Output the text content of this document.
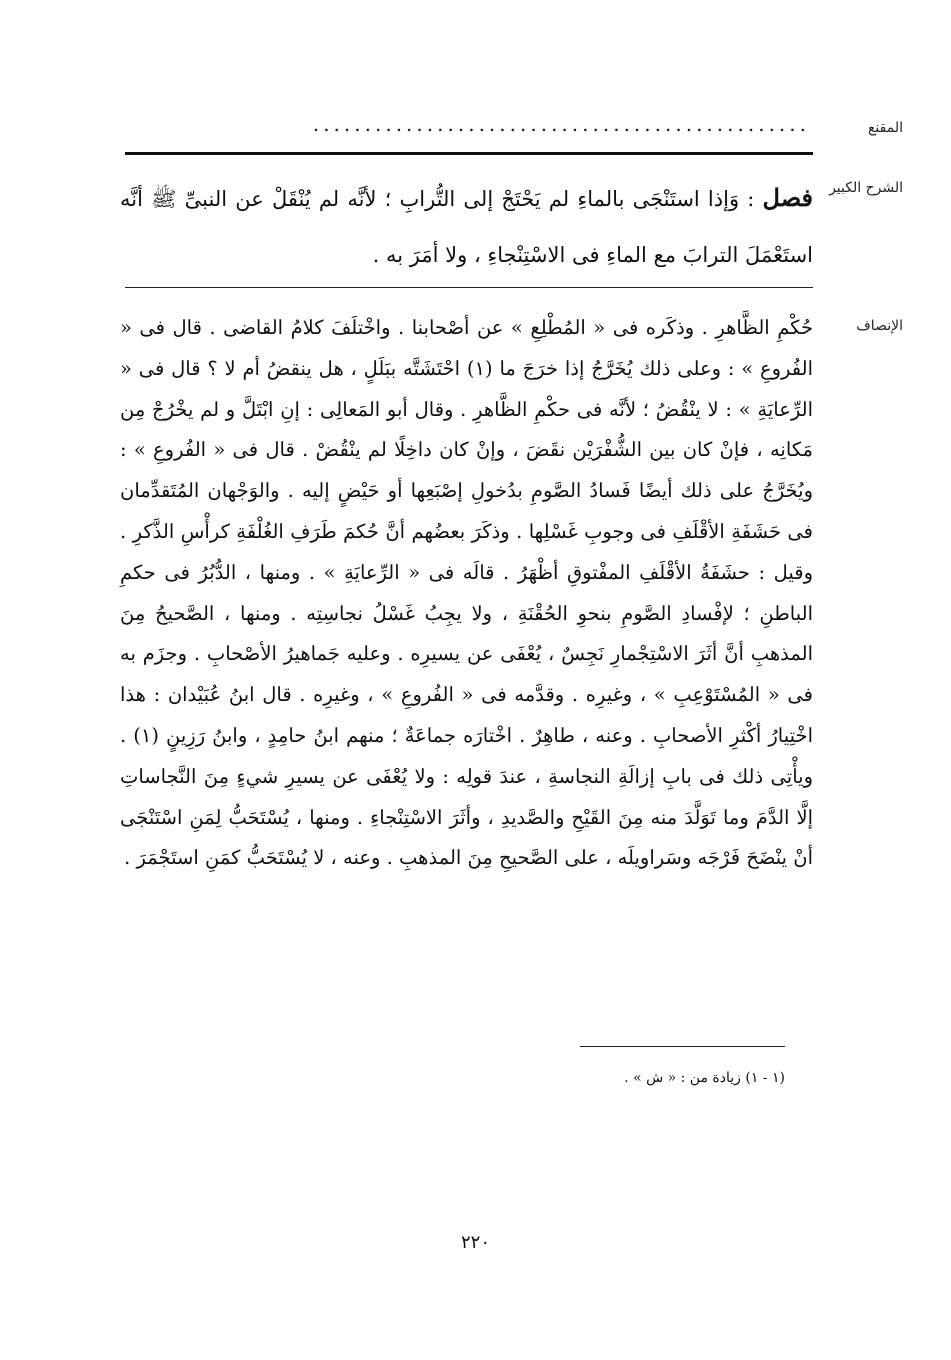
المقنع
................................................
الشرح الكبير
فصل : وَإذا استَنْجَى بالماءِ لم يَحْتَجْ إلى التُّرابِ ؛ لأنَّه لم يُنْقَلْ عن النبىِّ ﷺ أنَّه استَعْمَلَ الترابَ مع الماءِ فى الاسْتِنْجاءِ ، ولا أمَرَ به .
الإنصاف
حُكْمِ الظَّاهرِ . وذكَره فى « المُطْلِعِ » عن أصْحابنا . واخْتلَفَ كلامُ القاضى . قال فى « الفُروعِ » : وعلى ذلك يُخَرَّجُ إذا خرَجَ ما (١) احْتَشَتَّه ببَلَلٍ ، هل ينقضُ أم لا ؟ قال فى « الرِّعايَةِ » : لا ينْقُضُ ؛ لأنَّه فى حكْمِ الظَّاهرِ . وقال أبو المَعالِى : إنِ ابْتَلَّ و لم يخْرُجْ مِن مَكانِه ، فإنْ كان بين الشُّفْرَيْن نقَضَ ، وإنْ كان داخِلًا لم ينْقُضْ . قال فى « الفُروعِ » : ويُخَرَّجُ على ذلك أيضًا فَسادُ الصَّومِ بدُخولِ إصْبَعِها أو حَيْضٍ إليه . والوَجْهان المُتَقدِّمان فى حَشَفَةِ الأقْلَفِ فى وجوبِ غَسْلِها . وذكَرَ بعضُهم أنَّ حُكمَ طَرَفِ الغُلْفَةِ كرأْسِ الذَّكرِ . وقيل : حشَفَةُ الأقْلَفِ المفْتوقِ أظْهَرُ . قالَه فى « الرِّعايَةِ » . ومنها ، الدُّبُرُ فى حكمِ الباطنِ ؛ لإفْسادِ الصَّومِ بنحوِ الحُقْنَةِ ، ولا يجِبُ غَسْلُ نجاسِتِه . ومنها ، الصَّحيحُ مِنَ المذهبِ أنَّ أثَرَ الاسْتِجْمارِ نَجِسٌ ، يُعْفَى عن يسيرِه . وعليه جَماهيرُ الأصْحابِ . وجزَم به فى « المُسْتَوْعِبِ » ، وغيرِه . وقدَّمه فى « الفُروعِ » ، وغيرِه . قال ابنُ عُبَيْدان : هذا اخْتِيارُ أكْثرِ الأصحابِ . وعنه ، طاهِرٌ . اخْتارَه جماعَةٌ ؛ منهم ابنُ حامِدٍ ، وابنُ رَزِينٍ (١) . ويأْتِى ذلك فى بابِ إزالَةِ النجاسةِ ، عندَ قولِه : ولا يُعْفَى عن يسيرِ شيءٍ مِنَ النَّجاساتِ إلَّا الدَّمَ وما تَوَلَّدَ منه مِنَ القَيْحِ والصَّديدِ ، وأثَرَ الاسْتِنْجاءِ . ومنها ، يُسْتَحَبُّ لِمَنِ اسْتَنْجَى أنْ ينْضَحَ فَرْجَه وسَراويلَه ، على الصَّحيحِ مِنَ المذهبِ . وعنه ، لا يُسْتَحَبُّ كمَنِ استَجْمَرَ .
(١ - ١) زيادة من : « ش » .
٢٢٠
